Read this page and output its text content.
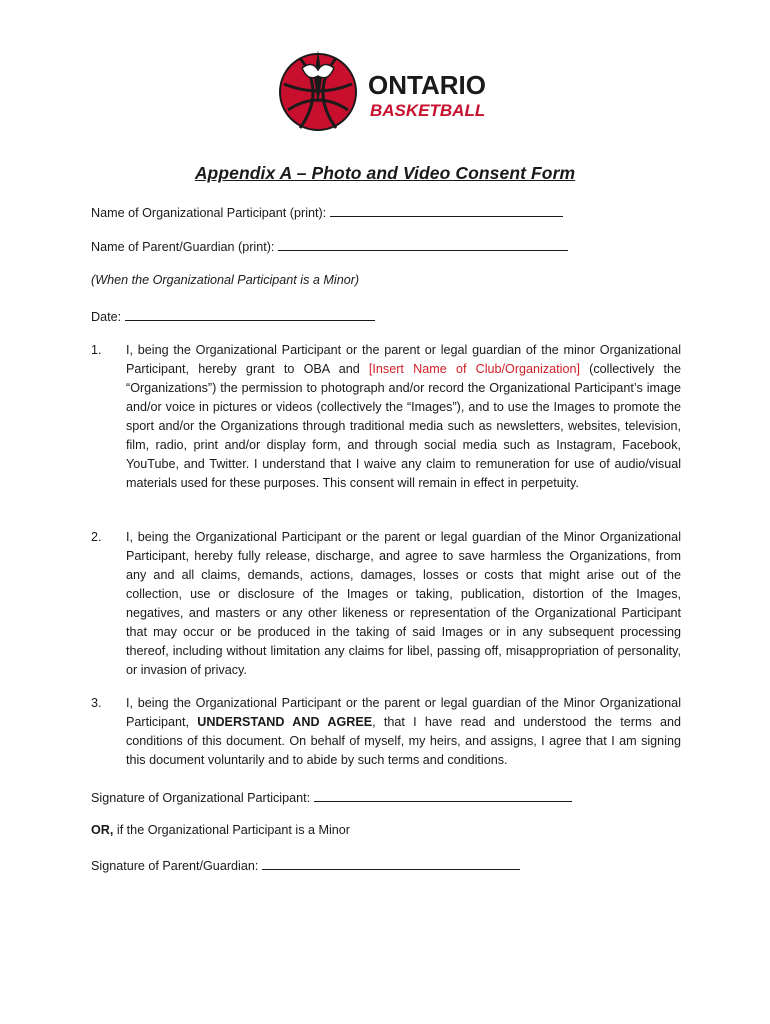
ONTARIO
BASKETBALL
Appendix A – Photo and Video Consent Form
Name of Organizational Participant (print):
Name of Parent/Guardian (print):
(When the Organizational Participant is a Minor)
Date:
1. I, being the Organizational Participant or the parent or legal guardian of the minor Organizational Participant, hereby grant to OBA and [Insert Name of Club/Organization] (collectively the “Organizations”) the permission to photograph and/or record the Organizational Participant’s image and/or voice in pictures or videos (collectively the “Images”), and to use the Images to promote the sport and/or the Organizations through traditional media such as newsletters, websites, television, film, radio, print and/or display form, and through social media such as Instagram, Facebook, YouTube, and Twitter. I understand that I waive any claim to remuneration for use of audio/visual materials used for these purposes. This consent will remain in effect in perpetuity.
2. I, being the Organizational Participant or the parent or legal guardian of the Minor Organizational Participant, hereby fully release, discharge, and agree to save harmless the Organizations, from any and all claims, demands, actions, damages, losses or costs that might arise out of the collection, use or disclosure of the Images or taking, publication, distortion of the Images, negatives, and masters or any other likeness or representation of the Organizational Participant that may occur or be produced in the taking of said Images or in any subsequent processing thereof, including without limitation any claims for libel, passing off, misappropriation of personality, or invasion of privacy.
3. I, being the Organizational Participant or the parent or legal guardian of the Minor Organizational Participant, UNDERSTAND AND AGREE, that I have read and understood the terms and conditions of this document. On behalf of myself, my heirs, and assigns, I agree that I am signing this document voluntarily and to abide by such terms and conditions.
Signature of Organizational Participant:
OR, if the Organizational Participant is a Minor
Signature of Parent/Guardian:
